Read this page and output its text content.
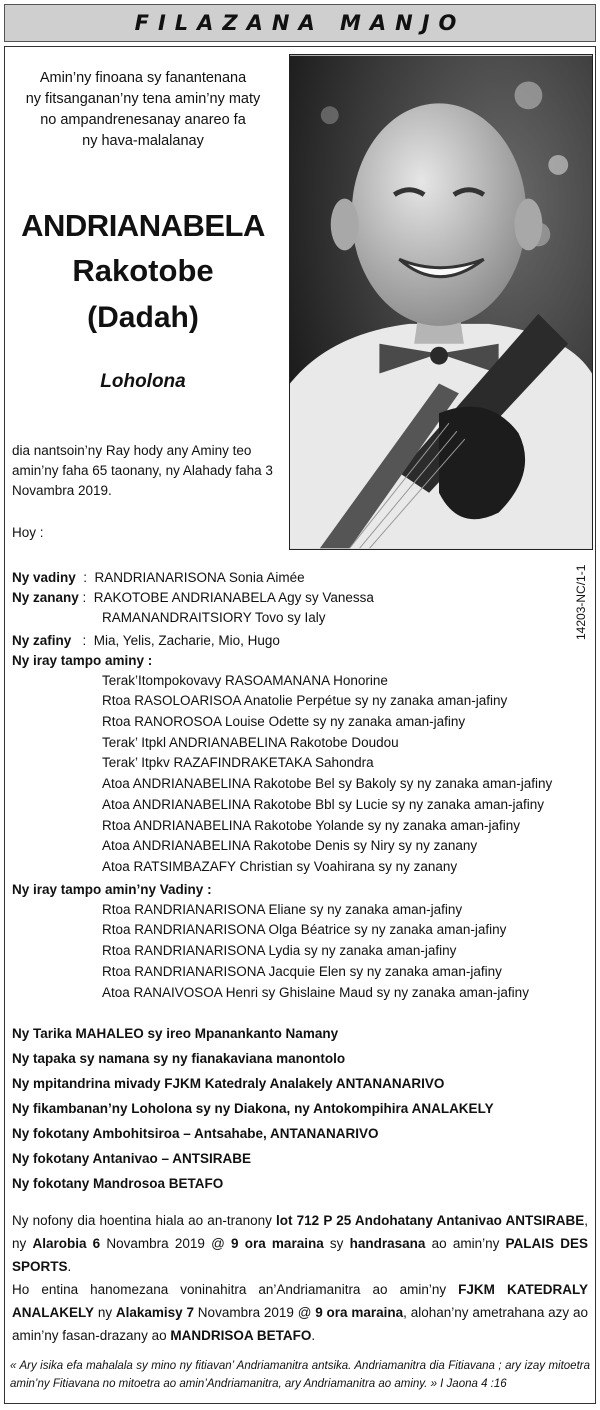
FILAZANA MANJO
Amin’ny finoana sy fanantenana
ny fitsanganan’ny tena amin’ny maty
no ampandrenesanay anareo fa
ny hava-malalanay
ANDRIANABELA
Rakotobe
(Dadah)
Loholona
dia nantsoin’ny Ray hody any Aminy teo amin’ny faha 65 taonany, ny Alahady faha 3 Novambra 2019.
Hoy :
14203-NC/1-1
Ny vadiny  :  RANDRIANARISONA Sonia Aimée
Ny zanany :  RAKOTOBE ANDRIANABELA Agy sy Vanessa
RAMANANDRAITSIORY Tovo sy Ialy
Ny zafiny   :  Mia, Yelis, Zacharie, Mio, Hugo
Ny iray tampo aminy :
Terak’Itompokovavy RASOAMANANA Honorine
Rtoa RASOLOARISOA Anatolie Perpétue sy ny zanaka aman-jafiny
Rtoa RANOROSOA Louise Odette sy ny zanaka aman-jafiny
Terak’ Itpkl ANDRIANABELINA Rakotobe Doudou
Terak’ Itpkv RAZAFINDRAKETAKA Sahondra
Atoa ANDRIANABELINA Rakotobe Bel sy Bakoly sy ny zanaka aman-jafiny
Atoa ANDRIANABELINA Rakotobe Bbl sy Lucie sy ny zanaka aman-jafiny
Rtoa ANDRIANABELINA Rakotobe Yolande sy ny zanaka aman-jafiny
Atoa ANDRIANABELINA Rakotobe Denis sy Niry sy ny zanany
Atoa RATSIMBAZAFY Christian sy Voahirana sy ny zanany
Ny iray tampo amin’ny Vadiny :
Rtoa RANDRIANARISONA Eliane sy ny zanaka aman-jafiny
Rtoa RANDRIANARISONA Olga Béatrice sy ny zanaka aman-jafiny
Rtoa RANDRIANARISONA Lydia sy ny zanaka aman-jafiny
Rtoa RANDRIANARISONA Jacquie Elen sy ny zanaka aman-jafiny
Atoa RANAIVOSOA Henri sy Ghislaine Maud sy ny zanaka aman-jafiny
Ny Tarika MAHALEO sy ireo Mpanankanto Namany
Ny tapaka sy namana sy ny fianakaviana manontolo
Ny mpitandrina mivady FJKM Katedraly Analakely ANTANANARIVO
Ny fikambanan’ny Loholona sy ny Diakona, ny Antokompihira ANALAKELY
Ny fokotany Ambohitsiroa – Antsahabe, ANTANANARIVO
Ny fokotany Antanivao – ANTSIRABE
Ny fokotany Mandrosoa BETAFO
Ny nofony dia hoentina hiala ao an-tranony lot 712 P 25 Andohatany Antanivao ANTSIRABE, ny Alarobia 6 Novambra 2019 @ 9 ora maraina sy handrasana ao amin’ny PALAIS DES SPORTS.
Ho entina hanomezana voninahitra an’Andriamanitra ao amin’ny FJKM KATEDRALY ANALAKELY ny Alakamisy 7 Novambra 2019 @ 9 ora maraina, alohan’ny ametrahana azy ao amin’ny fasan-drazany ao MANDRISOA BETAFO.
« Ary isika efa mahalala sy mino ny fitiavan’ Andriamanitra antsika. Andriamanitra dia Fitiavana ; ary izay mitoetra amin’ny Fitiavana no mitoetra ao amin’Andriamanitra, ary Andriamanitra ao aminy. » I Jaona 4 :16
